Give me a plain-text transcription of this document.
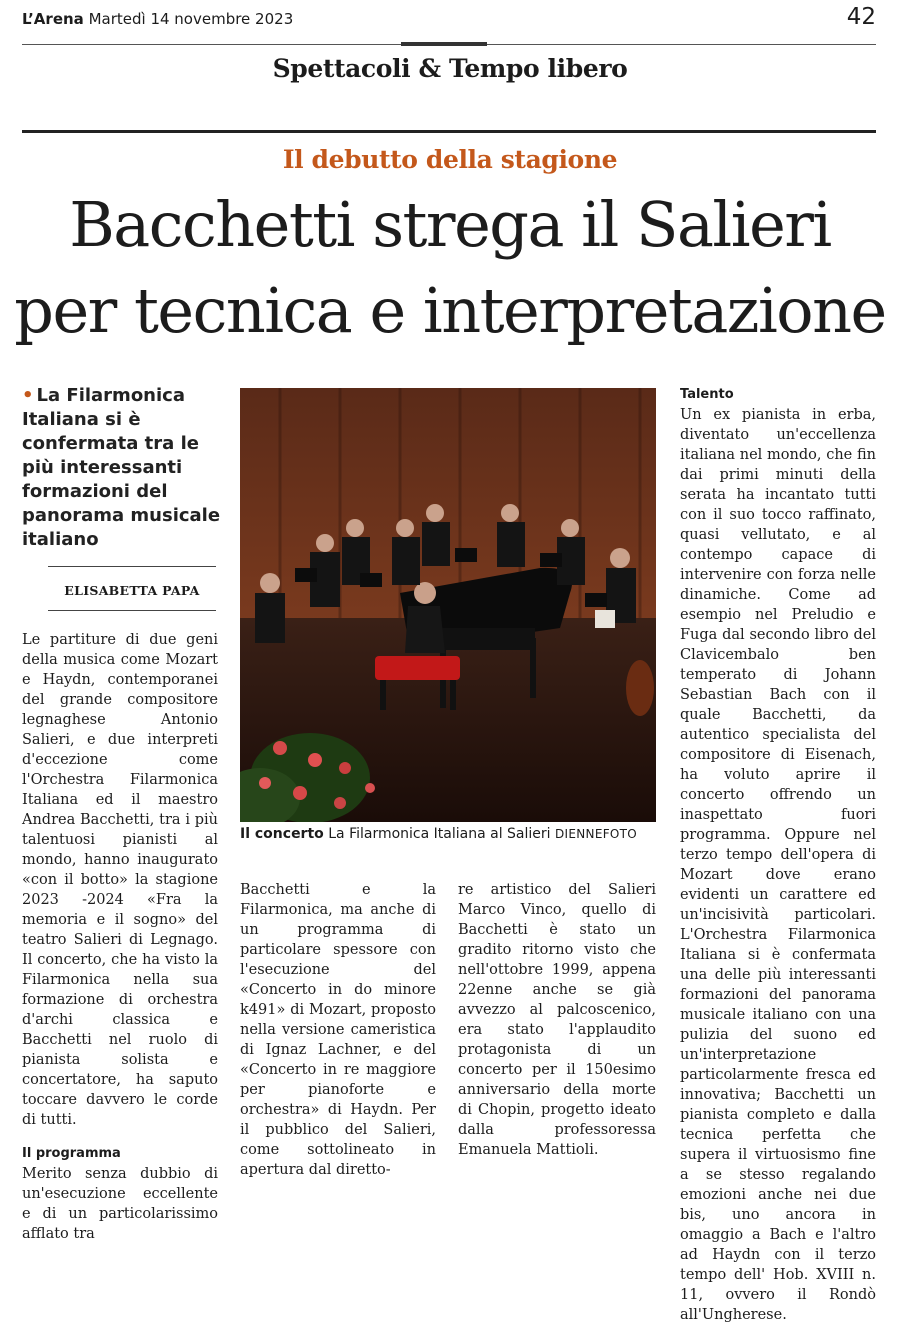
L’Arena Martedì 14 novembre 2023	42
Spettacoli & Tempo libero
Il debutto della stagione
Bacchetti strega il Salieri
per tecnica e interpretazione
• La Filarmonica Italiana si è confermata tra le più interessanti formazioni del panorama musicale italiano
ELISABETTA PAPA

Le partiture di due geni della musica come Mozart e Haydn, contemporanei del grande compositore legnaghese Antonio Salieri, e due interpreti d'eccezione come l'Orchestra Filarmonica Italiana ed il maestro Andrea Bacchetti, tra i più talentuosi pianisti al mondo, hanno inaugurato «con il botto» la stagione 2023 -2024 «Fra la memoria e il sogno» del teatro Salieri di Legnago. Il concerto, che ha visto la Filarmonica nella sua formazione di orchestra d'archi classica e Bacchetti nel ruolo di pianista solista e concertatore, ha saputo toccare davvero le corde di tutti.

Il programma

Merito senza dubbio di un'esecuzione eccellente e di un particolarissimo afflato tra

Il concerto La Filarmonica Italiana al Salieri DIENNEFOTO

Bacchetti e la Filarmonica, ma anche di un programma di particolare spessore con l'esecuzione del «Concerto in do minore k491» di Mozart, proposto nella versione cameristica di Ignaz Lachner, e del «Concerto in re maggiore per pianoforte e orchestra» di Haydn. Per il pubblico del Salieri, come sottolineato in apertura dal diretto-

re artistico del Salieri Marco Vinco, quello di Bacchetti è stato un gradito ritorno visto che nell'ottobre 1999, appena 22enne anche se già avvezzo al palcoscenico, era stato l'applaudito protagonista di un concerto per il 150esimo anniversario della morte di Chopin, progetto ideato dalla professoressa Emanuela Mattioli.

Talento

Un ex pianista in erba, diventato un'eccellenza italiana nel mondo, che fin dai primi minuti della serata ha incantato tutti con il suo tocco raffinato, quasi vellutato, e al contempo capace di intervenire con forza nelle dinamiche. Come ad esempio nel Preludio e Fuga dal secondo libro del Clavicembalo ben temperato di Johann Sebastian Bach con il quale Bacchetti, da autentico specialista del compositore di Eisenach, ha voluto aprire il concerto offrendo un inaspettato fuori programma. Oppure nel terzo tempo dell'opera di Mozart dove erano evidenti un carattere ed un'incisività particolari. L'Orchestra Filarmonica Italiana si è confermata una delle più interessanti formazioni del panorama musicale italiano con una pulizia del suono ed un'interpretazione particolarmente fresca ed innovativa; Bacchetti un pianista completo e dalla tecnica perfetta che supera il virtuosismo fine a se stesso regalando emozioni anche nei due bis, uno ancora in omaggio a Bach e l'altro ad Haydn con il terzo tempo dell' Hob. XVIII n. 11, ovvero il Rondò all'Ungherese.
